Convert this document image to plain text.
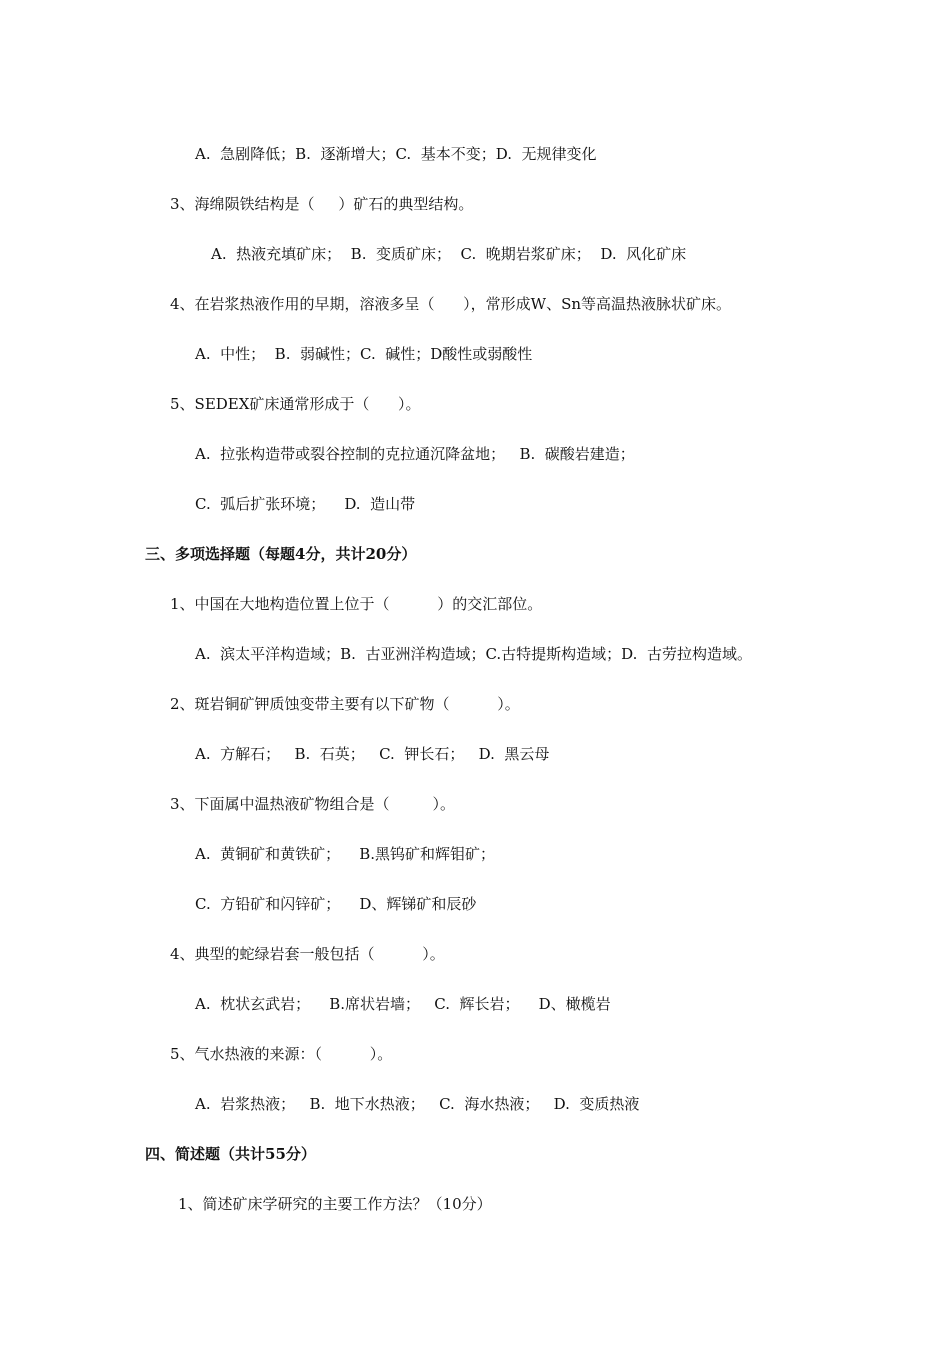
A.  急剧降低；B.  逐渐增大；C.  基本不变；D.  无规律变化
3、海绵陨铁结构是（     ）矿石的典型结构。
A.  热液充填矿床；  B.  变质矿床；  C.  晚期岩浆矿床；  D.  风化矿床
4、在岩浆热液作用的早期，溶液多呈（      ），常形成W、Sn等高温热液脉状矿床。
A.  中性；  B.  弱碱性；C.  碱性；D酸性或弱酸性
5、SEDEX矿床通常形成于（      ）。
A.  拉张构造带或裂谷控制的克拉通沉降盆地；   B.  碳酸岩建造；
C.  弧后扩张环境；    D.  造山带
三、多项选择题（每题4分，共计20分）
1、中国在大地构造位置上位于（          ）的交汇部位。
A.  滨太平洋构造域；B.  古亚洲洋构造域；C.古特提斯构造域；D.  古劳拉构造域。
2、斑岩铜矿钾质蚀变带主要有以下矿物（          ）。
A.  方解石；   B.  石英；   C.  钾长石；   D.  黑云母
3、下面属中温热液矿物组合是（         ）。
A.  黄铜矿和黄铁矿；    B.黑钨矿和辉钼矿；
C.  方铅矿和闪锌矿；    D、辉锑矿和辰砂
4、典型的蛇绿岩套一般包括（          ）。
A.  枕状玄武岩；    B.席状岩墙；   C.  辉长岩；    D、橄榄岩
5、气水热液的来源：（          ）。
A.  岩浆热液；   B.  地下水热液；   C.  海水热液；   D.  变质热液
四、简述题（共计55分）
1、简述矿床学研究的主要工作方法？（10分）
